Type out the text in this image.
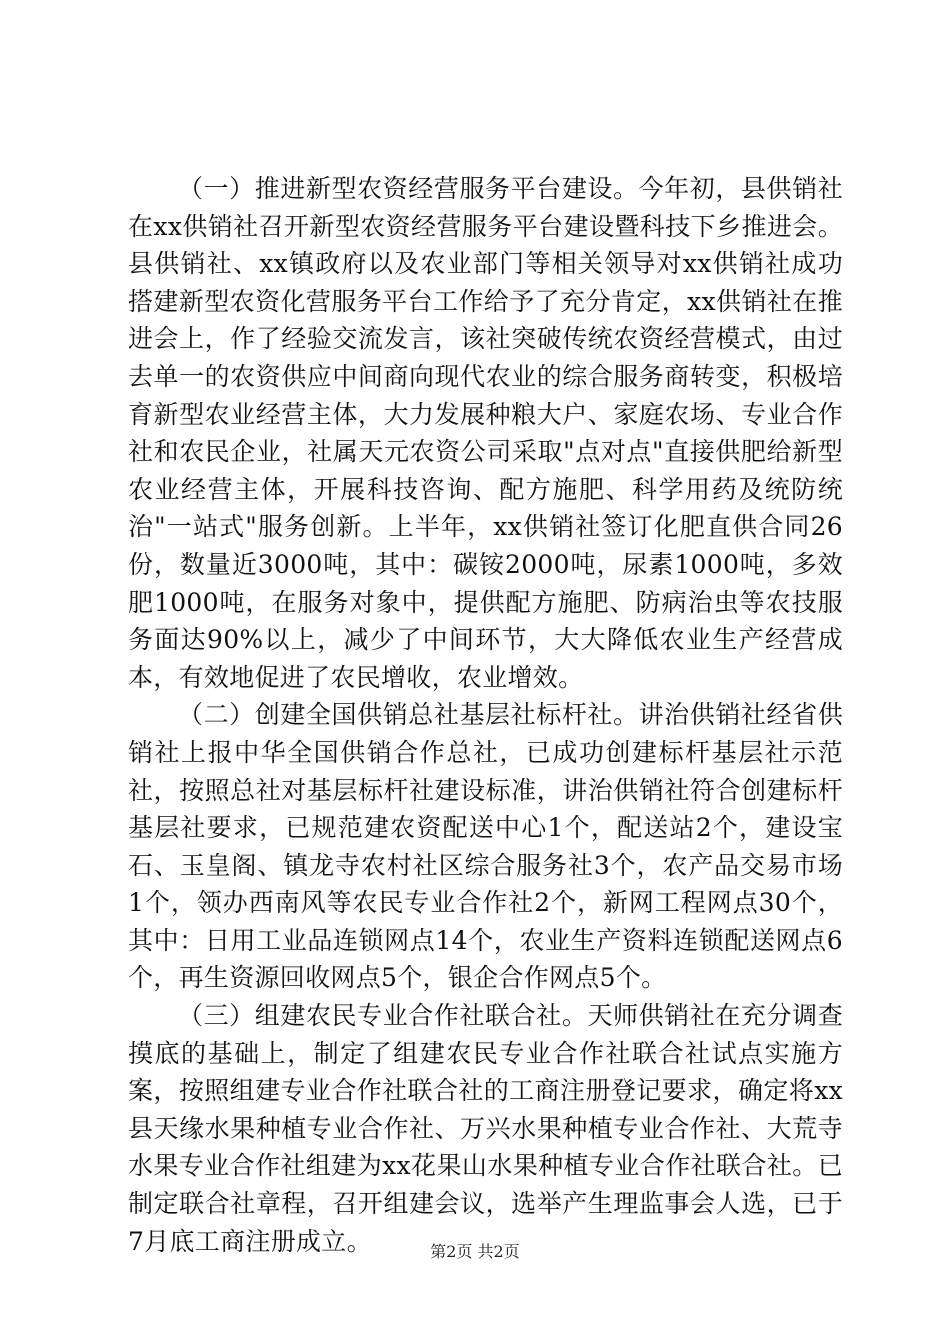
（一）推进新型农资经营服务平台建设。今年初，县供销社在xx供销社召开新型农资经营服务平台建设暨科技下乡推进会。县供销社、xx镇政府以及农业部门等相关领导对xx供销社成功搭建新型农资化营服务平台工作给予了充分肯定，xx供销社在推进会上，作了经验交流发言，该社突破传统农资经营模式，由过去单一的农资供应中间商向现代农业的综合服务商转变，积极培育新型农业经营主体，大力发展种粮大户、家庭农场、专业合作社和农民企业，社属天元农资公司采取"点对点"直接供肥给新型农业经营主体，开展科技咨询、配方施肥、科学用药及统防统治"一站式"服务创新。上半年，xx供销社签订化肥直供合同26份，数量近3000吨，其中：碳铵2000吨，尿素1000吨，多效肥1000吨，在服务对象中，提供配方施肥、防病治虫等农技服务面达90%以上，减少了中间环节，大大降低农业生产经营成本，有效地促进了农民增收，农业增效。

（二）创建全国供销总社基层社标杆社。讲治供销社经省供销社上报中华全国供销合作总社，已成功创建标杆基层社示范社，按照总社对基层标杆社建设标准，讲治供销社符合创建标杆基层社要求，已规范建农资配送中心1个，配送站2个，建设宝石、玉皇阁、镇龙寺农村社区综合服务社3个，农产品交易市场1个，领办西南风等农民专业合作社2个，新网工程网点30个，其中：日用工业品连锁网点14个，农业生产资料连锁配送网点6个，再生资源回收网点5个，银企合作网点5个。

（三）组建农民专业合作社联合社。天师供销社在充分调查摸底的基础上，制定了组建农民专业合作社联合社试点实施方案，按照组建专业合作社联合社的工商注册登记要求，确定将xx县天缘水果种植专业合作社、万兴水果种植专业合作社、大荒寺水果专业合作社组建为xx花果山水果种植专业合作社联合社。已制定联合社章程，召开组建会议，选举产生理监事会人选，已于7月底工商注册成立。	第2页 共2页
